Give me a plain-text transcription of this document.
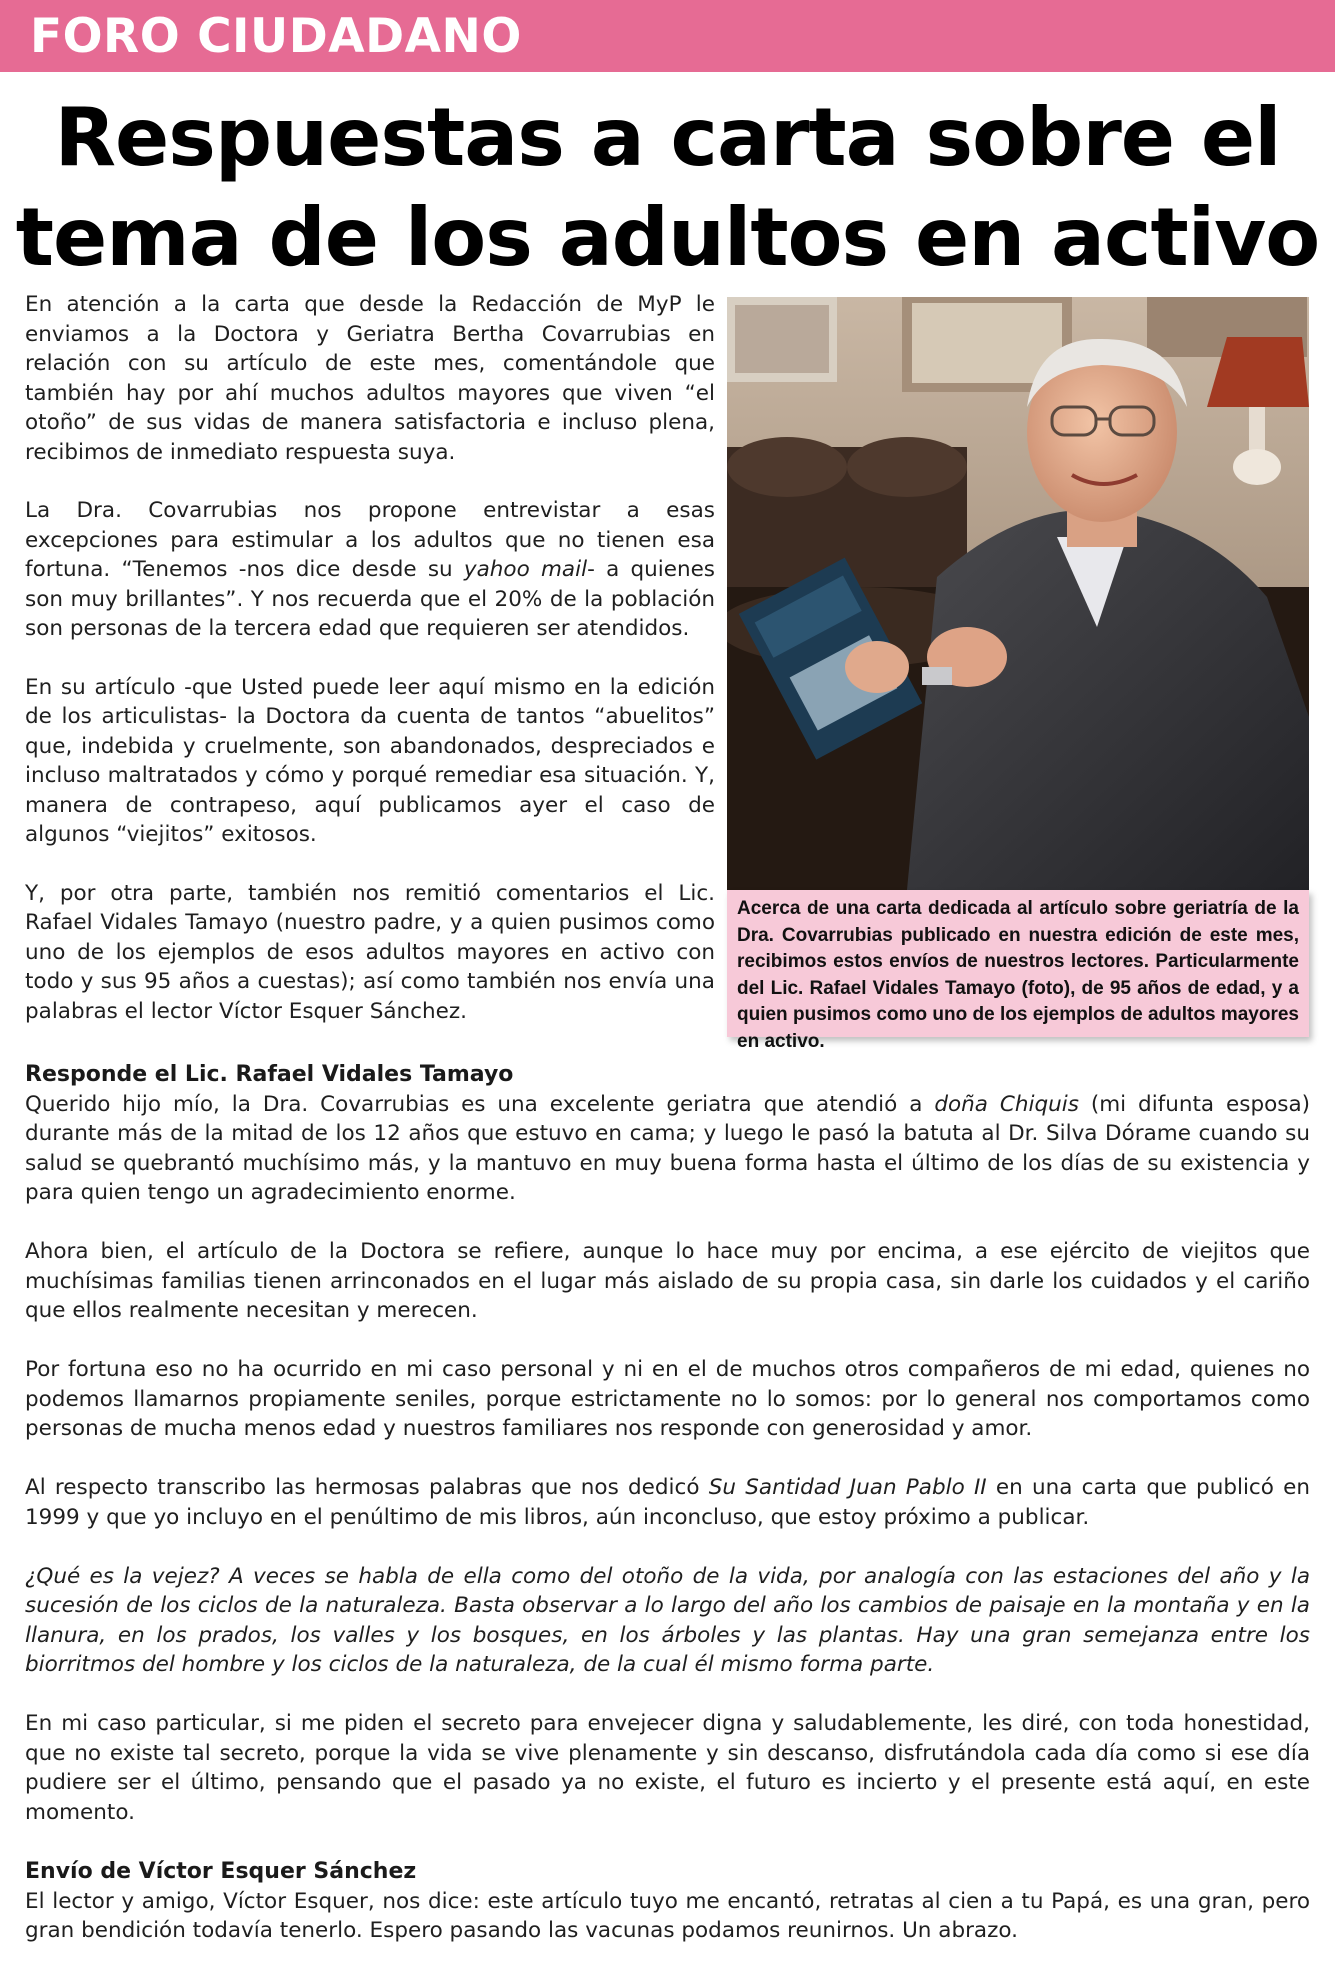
FORO CIUDADANO
Respuestas a carta sobre el
tema de los adultos en activo

En atención a la carta que desde la Redacción de MyP le enviamos a la Doctora y Geriatra Bertha Covarrubias en relación con su artículo de este mes, comentándole que también hay por ahí muchos adultos mayores que viven “el otoño” de sus vidas de manera satisfactoria e incluso plena, recibimos de inmediato respuesta suya.

La Dra. Covarrubias nos propone entrevistar a esas excepciones para estimular a los adultos que no tienen esa fortuna. “Tenemos -nos dice desde su yahoo mail- a quienes son muy brillantes”. Y nos recuerda que el 20% de la población son personas de la tercera edad que requieren ser atendidos.

En su artículo -que Usted puede leer aquí mismo en la edición de los articulistas- la Doctora da cuenta de tantos “abuelitos” que, indebida y cruelmente, son abandonados, despreciados e incluso maltratados y cómo y porqué remediar esa situación. Y, manera de contrapeso, aquí publicamos ayer el caso de algunos “viejitos” exitosos.

Y, por otra parte, también nos remitió comentarios el Lic. Rafael Vidales Tamayo (nuestro padre, y a quien pusimos como uno de los ejemplos de esos adultos mayores en activo con todo y sus 95 años a cuestas); así como también nos envía una palabras el lector Víctor Esquer Sánchez.

Acerca de una carta dedicada al artículo sobre geriatría de la Dra. Covarrubias publicado en nuestra edición de este mes, recibimos estos envíos de nuestros lectores. Particularmente del Lic. Rafael Vidales Tamayo (foto), de 95 años de edad, y a quien pusimos como uno de los ejemplos de adultos mayores en activo.
Responde el Lic. Rafael Vidales Tamayo

Querido hijo mío, la Dra. Covarrubias es una excelente geriatra que atendió a doña Chiquis (mi difunta esposa) durante más de la mitad de los 12 años que estuvo en cama; y luego le pasó la batuta al Dr. Silva Dórame cuando su salud se quebrantó muchísimo más, y la mantuvo en muy buena forma hasta el último de los días de su existencia y para quien tengo un agradecimiento enorme.

Ahora bien, el artículo de la Doctora se refiere, aunque lo hace muy por encima, a ese ejército de viejitos que muchísimas familias tienen arrinconados en el lugar más aislado de su propia casa, sin darle los cuidados y el cariño que ellos realmente necesitan y merecen.

Por fortuna eso no ha ocurrido en mi caso personal y ni en el de muchos otros compañeros de mi edad, quienes no podemos llamarnos propiamente seniles, porque estrictamente no lo somos: por lo general nos comportamos como personas de mucha menos edad y nuestros familiares nos responde con generosidad y amor.

Al respecto transcribo las hermosas palabras que nos dedicó Su Santidad Juan Pablo II en una carta que publicó en 1999 y que yo incluyo en el penúltimo de mis libros, aún inconcluso, que estoy próximo a publicar.

¿Qué es la vejez? A veces se habla de ella como del otoño de la vida, por analogía con las estaciones del año y la sucesión de los ciclos de la naturaleza. Basta observar a lo largo del año los cambios de paisaje en la montaña y en la llanura, en los prados, los valles y los bosques, en los árboles y las plantas. Hay una gran semejanza entre los biorritmos del hombre y los ciclos de la naturaleza, de la cual él mismo forma parte.

En mi caso particular, si me piden el secreto para envejecer digna y saludablemente, les diré, con toda honestidad, que no existe tal secreto, porque la vida se vive plenamente y sin descanso, disfrutándola cada día como si ese día pudiere ser el último, pensando que el pasado ya no existe, el futuro es incierto y el presente está aquí, en este momento.

Envío de Víctor Esquer Sánchez

El lector y amigo, Víctor Esquer, nos dice: este artículo tuyo me encantó, retratas al cien a tu Papá, es una gran, pero gran bendición todavía tenerlo. Espero pasando las vacunas podamos reunirnos. Un abrazo.
